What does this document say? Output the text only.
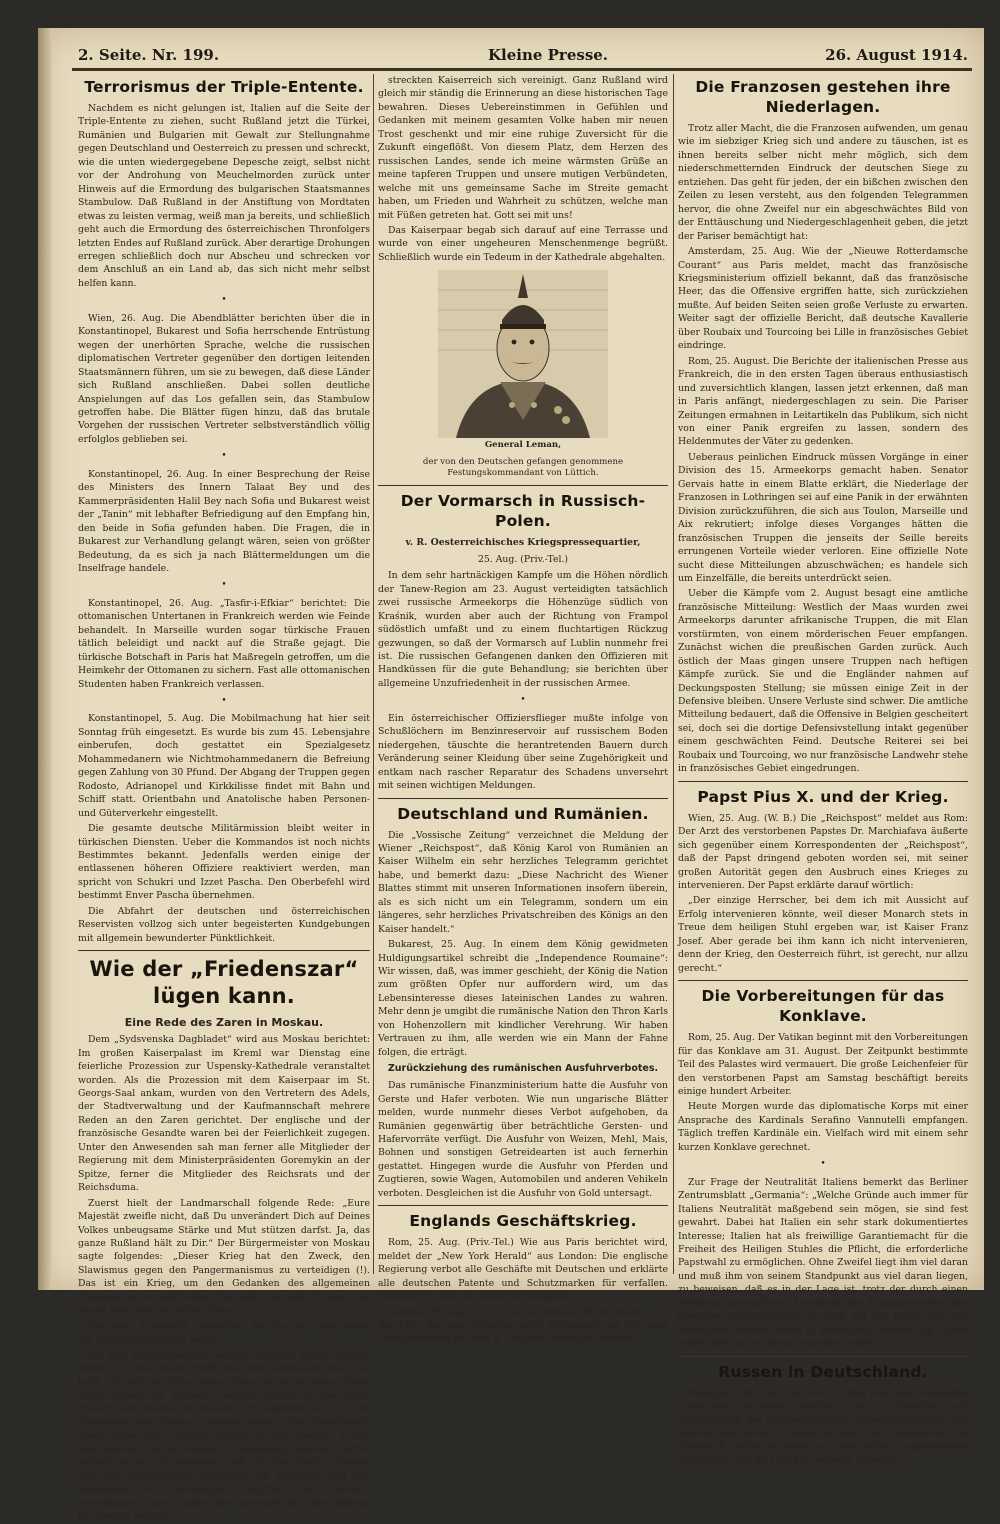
2. Seite. Nr. 199.	Kleine Presse.	26. August 1914.
Terrorismus der Triple-Entente.

Nachdem es nicht gelungen ist, Italien auf die Seite der Triple-Entente zu ziehen, sucht Rußland jetzt die Türkei, Rumänien und Bulgarien mit Gewalt zur Stellungnahme gegen Deutschland und Oesterreich zu pressen und schreckt, wie die unten wiedergegebene Depesche zeigt, selbst nicht vor der Androhung von Meuchelmorden zurück unter Hinweis auf die Ermordung des bulgarischen Staatsmannes Stambulow. Daß Rußland in der Anstiftung von Mordtaten etwas zu leisten vermag, weiß man ja bereits, und schließlich geht auch die Ermordung des österreichischen Thronfolgers letzten Endes auf Rußland zurück. Aber derartige Drohungen erregen schließlich doch nur Abscheu und schrecken vor dem Anschluß an ein Land ab, das sich nicht mehr selbst helfen kann.

•

Wien, 26. Aug. Die Abendblätter berichten über die in Konstantinopel, Bukarest und Sofia herrschende Entrüstung wegen der unerhörten Sprache, welche die russischen diplomatischen Vertreter gegenüber den dortigen leitenden Staatsmännern führen, um sie zu bewegen, daß diese Länder sich Rußland anschließen. Dabei sollen deutliche Anspielungen auf das Los gefallen sein, das Stambulow getroffen habe. Die Blätter fügen hinzu, daß das brutale Vorgehen der russischen Vertreter selbstverständlich völlig erfolglos geblieben sei.

•

Konstantinopel, 26. Aug. In einer Besprechung der Reise des Ministers des Innern Talaat Bey und des Kammerpräsidenten Halil Bey nach Sofia und Bukarest weist der „Tanin“ mit lebhafter Befriedigung auf den Empfang hin, den beide in Sofia gefunden haben. Die Fragen, die in Bukarest zur Verhandlung gelangt wären, seien von größter Bedeutung, da es sich ja nach Blättermeldungen um die Inselfrage handele.

•

Konstantinopel, 26. Aug. „Tasfir-i-Efkiar“ berichtet: Die ottomanischen Untertanen in Frankreich werden wie Feinde behandelt. In Marseille wurden sogar türkische Frauen tätlich beleidigt und nackt auf die Straße gejagt. Die türkische Botschaft in Paris hat Maßregeln getroffen, um die Heimkehr der Ottomanen zu sichern. Fast alle ottomanischen Studenten haben Frankreich verlassen.

•

Konstantinopel, 5. Aug. Die Mobilmachung hat hier seit Sonntag früh eingesetzt. Es wurde bis zum 45. Lebensjahre einberufen, doch gestattet ein Spezialgesetz Mohammedanern wie Nichtmohammedanern die Befreiung gegen Zahlung von 30 Pfund. Der Abgang der Truppen gegen Rodosto, Adrianopel und Kirkkilisse findet mit Bahn und Schiff statt. Orientbahn und Anatolische haben Personen- und Güterverkehr eingestellt.

Die gesamte deutsche Militärmission bleibt weiter in türkischen Diensten. Ueber die Kommandos ist noch nichts Bestimmtes bekannt. Jedenfalls werden einige der entlassenen höheren Offiziere reaktiviert werden, man spricht von Schukri und Izzet Pascha. Den Oberbefehl wird bestimmt Enver Pascha übernehmen.

Die Abfahrt der deutschen und österreichischen Reservisten vollzog sich unter begeisterten Kundgebungen mit allgemein bewunderter Pünktlichkeit.

Wie der „Friedenszar“ lügen kann.
Eine Rede des Zaren in Moskau.

Dem „Sydsvenska Dagbladet“ wird aus Moskau berichtet: Im großen Kaiserpalast im Kreml war Dienstag eine feierliche Prozession zur Uspensky-Kathedrale veranstaltet worden. Als die Prozession mit dem Kaiserpaar im St. Georgs-Saal ankam, wurden von den Vertretern des Adels, der Stadtverwaltung und der Kaufmannschaft mehrere Reden an den Zaren gerichtet. Der englische und der französische Gesandte waren bei der Feierlichkeit zugegen. Unter den Anwesenden sah man ferner alle Mitglieder der Regierung mit dem Ministerpräsidenten Goremykin an der Spitze, ferner die Mitglieder des Reichsrats und der Reichsduma.

Zuerst hielt der Landmarschall folgende Rede: „Eure Majestät zweifle nicht, daß Du unverändert Dich auf Deines Volkes unbeugsame Stärke und Mut stützen darfst. Ja, das ganze Rußland hält zu Dir.“ Der Bürgermeister von Moskau sagte folgendes: „Dieser Krieg hat den Zweck, den Slawismus gegen den Pangermanismus zu verteidigen (!). Das ist ein Krieg, um den Gedanken des allgemeinen Friedens zu verwirklichen. Sei nicht verzagt, Kaiser, das ganze Volk steht zu Deiner Seite.“

Auf diese Ansprache antwortete der Zar mit einer Rede, die folgenden Wortlaut hatte:

„In dem Kriegsunwetter, welches plötzlich gegen meinen Willen (!!) über mein friedliches Volk hereingebrochen ist, habe ich nach der Sitte meiner Ahnen versucht, meine Seele durch Gebete an Moskaus heiligen Plätzen in den alten Mauern des Kremls zu stärken. Ich begrüße in Euch die Einwohner von Moskau, meiner lieben alten Hauptstadt. Mein treues Volk, welches überall in den Städten, in der Reichsduma und im Reichsrat einstimmig meinem Aufruf gefolgt ist, hat mir bewiesen, daß mit aller Macht erhoben und alle Streitigkeiten vergessen, um Vaterland und den Slawismus zu verteidigen. Ergriffen von starker, gemeinsamer Liebe, haben alle Nationalitäten, alle Stämme in unserem weitge-

streckten Kaiserreich sich vereinigt. Ganz Rußland wird gleich mir ständig die Erinnerung an diese historischen Tage bewahren. Dieses Uebereinstimmen in Gefühlen und Gedanken mit meinem gesamten Volke haben mir neuen Trost geschenkt und mir eine ruhige Zuversicht für die Zukunft eingeflößt. Von diesem Platz, dem Herzen des russischen Landes, sende ich meine wärmsten Grüße an meine tapferen Truppen und unsere mutigen Verbündeten, welche mit uns gemeinsame Sache im Streite gemacht haben, um Frieden und Wahrheit zu schützen, welche man mit Füßen getreten hat. Gott sei mit uns!

Das Kaiserpaar begab sich darauf auf eine Terrasse und wurde von einer ungeheuren Menschenmenge begrüßt. Schließlich wurde ein Tedeum in der Kathedrale abgehalten.

General Leman,

der von den Deutschen gefangen genommene Festungskommandant von Lüttich.

Der Vormarsch in Russisch-Polen.

v. R. Oesterreichisches Kriegspressequartier,

25. Aug. (Priv.-Tel.)

In dem sehr hartnäckigen Kampfe um die Höhen nördlich der Tanew-Region am 23. August verteidigten tatsächlich zwei russische Armeekorps die Höhenzüge südlich von Kraśnik, wurden aber auch der Richtung von Frampol südöstlich umfaßt und zu einem fluchtartigen Rückzug gezwungen, so daß der Vormarsch auf Lublin nunmehr frei ist. Die russischen Gefangenen danken den Offizieren mit Handküssen für die gute Behandlung; sie berichten über allgemeine Unzufriedenheit in der russischen Armee.

•

Ein österreichischer Offiziersflieger mußte infolge von Schußlöchern im Benzinreservoir auf russischem Boden niedergehen, täuschte die herantretenden Bauern durch Veränderung seiner Kleidung über seine Zugehörigkeit und entkam nach rascher Reparatur des Schadens unversehrt mit seinen wichtigen Meldungen.

Deutschland und Rumänien.

Die „Vossische Zeitung“ verzeichnet die Meldung der Wiener „Reichspost“, daß König Karol von Rumänien an Kaiser Wilhelm ein sehr herzliches Telegramm gerichtet habe, und bemerkt dazu: „Diese Nachricht des Wiener Blattes stimmt mit unseren Informationen insofern überein, als es sich nicht um ein Telegramm, sondern um ein längeres, sehr herzliches Privatschreiben des Königs an den Kaiser handelt.“

Bukarest, 25. Aug. In einem dem König gewidmeten Huldigungsartikel schreibt die „Independence Roumaine“: Wir wissen, daß, was immer geschieht, der König die Nation zum größten Opfer nur auffordern wird, um das Lebensinteresse dieses lateinischen Landes zu wahren. Mehr denn je umgibt die rumänische Nation den Thron Karls von Hohenzollern mit kindlicher Verehrung. Wir haben Vertrauen zu ihm, alle werden wie ein Mann der Fahne folgen, die erträgt.

Zurückziehung des rumänischen Ausfuhrverbotes.

Das rumänische Finanzministerium hatte die Ausfuhr von Gerste und Hafer verboten. Wie nun ungarische Blätter melden, wurde nunmehr dieses Verbot aufgehoben, da Rumänien gegenwärtig über beträchtliche Gersten- und Hafervorräte verfügt. Die Ausfuhr von Weizen, Mehl, Mais, Bohnen und sonstigen Getreidearten ist auch fernerhin gestattet. Hingegen wurde die Ausfuhr von Pferden und Zugtieren, sowie Wagen, Automobilen und anderen Vehikeln verboten. Desgleichen ist die Ausfuhr von Gold untersagt.

Englands Geschäftskrieg.

Rom, 25. Aug. (Priv.-Tel.) Wie aus Paris berichtet wird, meldet der „New York Herald“ aus London: Die englische Regierung verbot alle Geschäfte mit Deutschen und erklärte alle deutschen Patente und Schutzmarken für verfallen. Frankreich plant ein ähnliches Vorgehen.

London, 25. Aug. (W. B.) Das allgemeine Moratorium, d. h. die Frist für den Aufschub aller Zahlungen, ist für ganz Großbritannien bis zum 4. Oktober verlängert worden.

Die Franzosen gestehen ihre Niederlagen.

Trotz aller Macht, die die Franzosen aufwenden, um genau wie im siebziger Krieg sich und andere zu täuschen, ist es ihnen bereits selber nicht mehr möglich, sich dem niederschmetternden Eindruck der deutschen Siege zu entziehen. Das geht für jeden, der ein bißchen zwischen den Zeilen zu lesen versteht, aus den folgenden Telegrammen hervor, die ohne Zweifel nur ein abgeschwächtes Bild von der Enttäuschung und Niedergeschlagenheit geben, die jetzt der Pariser bemächtigt hat:

Amsterdam, 25. Aug. Wie der „Nieuwe Rotterdamsche Courant“ aus Paris meldet, macht das französische Kriegsministerium offiziell bekannt, daß das französische Heer, das die Offensive ergriffen hatte, sich zurückziehen mußte. Auf beiden Seiten seien große Verluste zu erwarten. Weiter sagt der offizielle Bericht, daß deutsche Kavallerie über Roubaix und Tourcoing bei Lille in französisches Gebiet eindringe.

Rom, 25. August. Die Berichte der italienischen Presse aus Frankreich, die in den ersten Tagen überaus enthusiastisch und zuversichtlich klangen, lassen jetzt erkennen, daß man in Paris anfängt, niedergeschlagen zu sein. Die Pariser Zeitungen ermahnen in Leitartikeln das Publikum, sich nicht von einer Panik ergreifen zu lassen, sondern des Heldenmutes der Väter zu gedenken.

Ueberaus peinlichen Eindruck müssen Vorgänge in einer Division des 15. Armeekorps gemacht haben. Senator Gervais hatte in einem Blatte erklärt, die Niederlage der Franzosen in Lothringen sei auf eine Panik in der erwähnten Division zurückzuführen, die sich aus Toulon, Marseille und Aix rekrutiert; infolge dieses Vorganges hätten die französischen Truppen die jenseits der Seille bereits errungenen Vorteile wieder verloren. Eine offizielle Note sucht diese Mitteilungen abzuschwächen; es handele sich um Einzelfälle, die bereits unterdrückt seien.

Ueber die Kämpfe vom 2. August besagt eine amtliche französische Mitteilung: Westlich der Maas wurden zwei Armeekorps darunter afrikanische Truppen, die mit Elan vorstürmten, von einem mörderischen Feuer empfangen. Zunächst wichen die preußischen Garden zurück. Auch östlich der Maas gingen unsere Truppen nach heftigen Kämpfe zurück. Sie und die Engländer nahmen auf Deckungsposten Stellung; sie müssen einige Zeit in der Defensive bleiben. Unsere Verluste sind schwer. Die amtliche Mitteilung bedauert, daß die Offensive in Belgien gescheitert sei, doch sei die dortige Defensivstellung intakt gegenüber einem geschwächten Feind. Deutsche Reiterei sei bei Roubaix und Tourcoing, wo nur französische Landwehr stehe in französisches Gebiet eingedrungen.

Papst Pius X. und der Krieg.

Wien, 25. Aug. (W. B.) Die „Reichspost“ meldet aus Rom: Der Arzt des verstorbenen Papstes Dr. Marchiafava äußerte sich gegenüber einem Korrespondenten der „Reichspost“, daß der Papst dringend geboten worden sei, mit seiner großen Autorität gegen den Ausbruch eines Krieges zu intervenieren. Der Papst erklärte darauf wörtlich:

„Der einzige Herrscher, bei dem ich mit Aussicht auf Erfolg intervenieren könnte, weil dieser Monarch stets in Treue dem heiligen Stuhl ergeben war, ist Kaiser Franz Josef. Aber gerade bei ihm kann ich nicht intervenieren, denn der Krieg, den Oesterreich führt, ist gerecht, nur allzu gerecht.“

Die Vorbereitungen für das Konklave.

Rom, 25. Aug. Der Vatikan beginnt mit den Vorbereitungen für das Konklave am 31. August. Der Zeitpunkt bestimmte Teil des Palastes wird vermauert. Die große Leichenfeier für den verstorbenen Papst am Samstag beschäftigt bereits einige hundert Arbeiter.

Heute Morgen wurde das diplomatische Korps mit einer Ansprache des Kardinals Serafino Vannutelli empfangen. Täglich treffen Kardinäle ein. Vielfach wird mit einem sehr kurzen Konklave gerechnet.

•

Zur Frage der Neutralität Italiens bemerkt das Berliner Zentrumsblatt „Germania“: „Welche Gründe auch immer für Italiens Neutralität maßgebend sein mögen, sie sind fest gewahrt. Dabei hat Italien ein sehr stark dokumentiertes Interesse; Italien hat als freiwillige Garantiemacht für die Freiheit des Heiligen Stuhles die Pflicht, die erforderliche Papstwahl zu ermöglichen. Ohne Zweifel liegt ihm viel daran und muß ihm von seinem Standpunkt aus viel daran liegen, zu beweisen, daß es in der Lage ist, trotz der durch einen Weltkrieg geschaffenen Umstände das Zusammentreten des Konklave sicherzustellen. Es liegt auf der Hand, daß das unmöglich werden würde in demselben Moment, da Italien selbst aktiv in den Krieg eingreifen würde.“

Russen in Deutschland.

Kissingen, 26. Aug. Die noch in Bad Kissingen weilenden russischen Kurgäste wurden heute Vormittag auf Veranlassung des stellvertretenden Generalkommandos des zweiten bayrischen Armeekorps nach der Plassenburg bei Kulmbach verbracht, einem vor zwei Jahren ausgelassenen Zuchthaus, und dort bis auf weiteres interniert.
